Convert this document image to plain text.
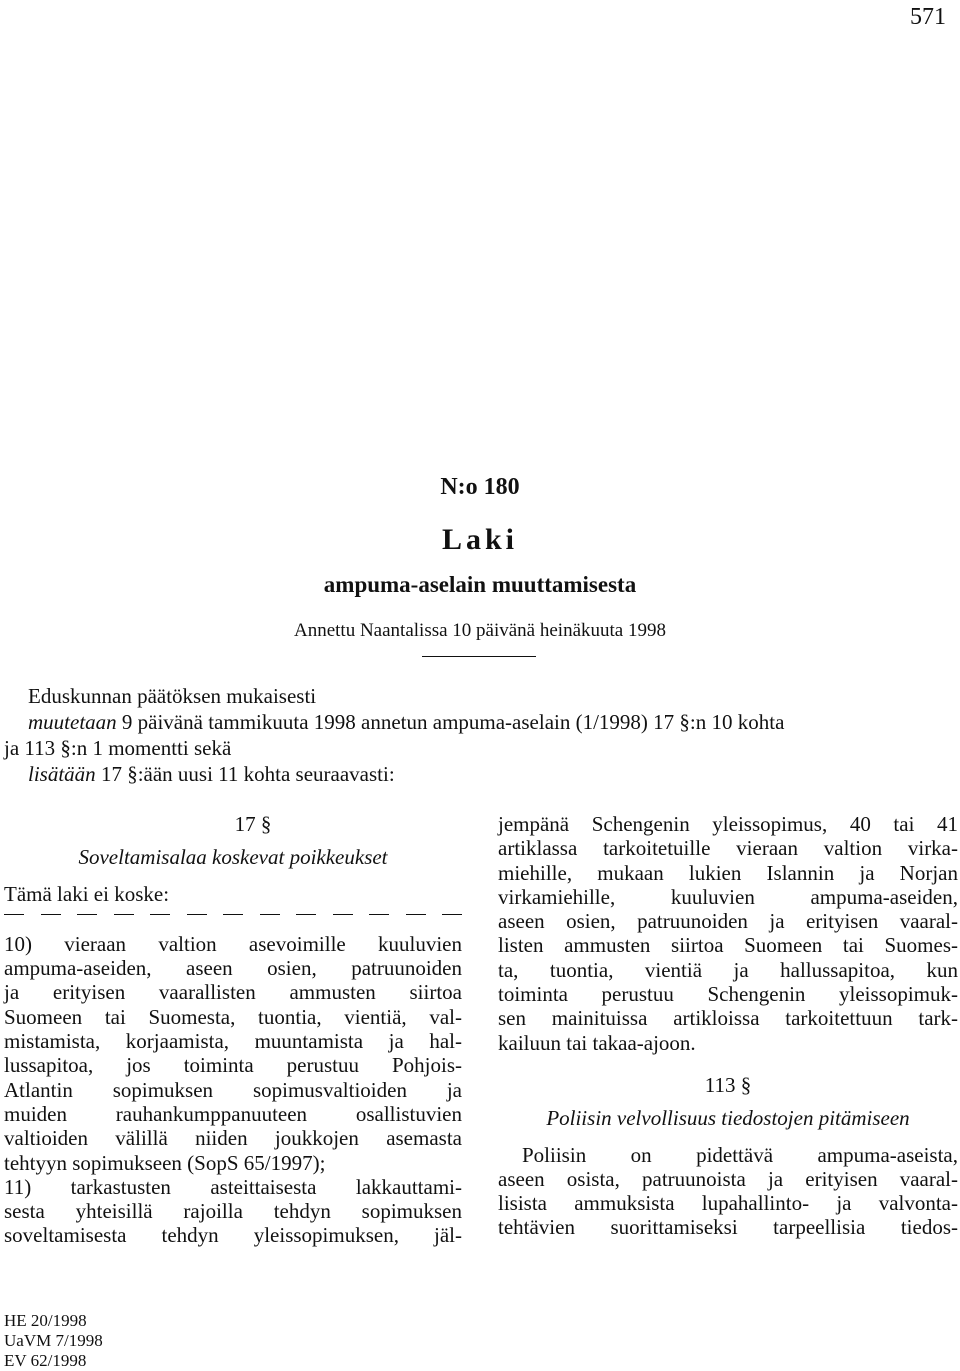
571
N:o 180
Laki
ampuma-aselain muuttamisesta
Annettu Naantalissa 10 päivänä heinäkuuta 1998
Eduskunnan päätöksen mukaisesti
muutetaan 9 päivänä tammikuuta 1998 annetun ampuma-aselain (1/1998) 17 §:n 10 kohta
ja 113 §:n 1 momentti sekä
lisätään 17 §:ään uusi 11 kohta seuraavasti:
17 §
Soveltamisalaa koskevat poikkeukset
Tämä laki ei koske:
10) vieraan valtion asevoimille kuuluvien
ampuma-aseiden, aseen osien, patruunoiden
ja erityisen vaarallisten ammusten siirtoa
Suomeen tai Suomesta, tuontia, vientiä, val-
mistamista, korjaamista, muuntamista ja hal-
lussapitoa, jos toiminta perustuu Pohjois-
Atlantin sopimuksen sopimusvaltioiden ja
muiden rauhankumppanuuteen osallistuvien
valtioiden välillä niiden joukkojen asemasta
tehtyyn sopimukseen (SopS 65/1997);
11) tarkastusten asteittaisesta lakkauttami-
sesta yhteisillä rajoilla tehdyn sopimuksen
soveltamisesta tehdyn yleissopimuksen, jäl-
jempänä Schengenin yleissopimus, 40 tai 41
artiklassa tarkoitetuille vieraan valtion virka-
miehille, mukaan lukien Islannin ja Norjan
virkamiehille, kuuluvien ampuma-aseiden,
aseen osien, patruunoiden ja erityisen vaaral-
listen ammusten siirtoa Suomeen tai Suomes-
ta, tuontia, vientiä ja hallussapitoa, kun
toiminta perustuu Schengenin yleissopimuk-
sen mainituissa artikloissa tarkoitettuun tark-
kailuun tai takaa-ajoon.
113 §
Poliisin velvollisuus tiedostojen pitämiseen
Poliisin on pidettävä ampuma-aseista,
aseen osista, patruunoista ja erityisen vaaral-
lisista ammuksista lupahallinto- ja valvonta-
tehtävien suorittamiseksi tarpeellisia tiedos-
HE 20/1998
UaVM 7/1998
EV 62/1998
